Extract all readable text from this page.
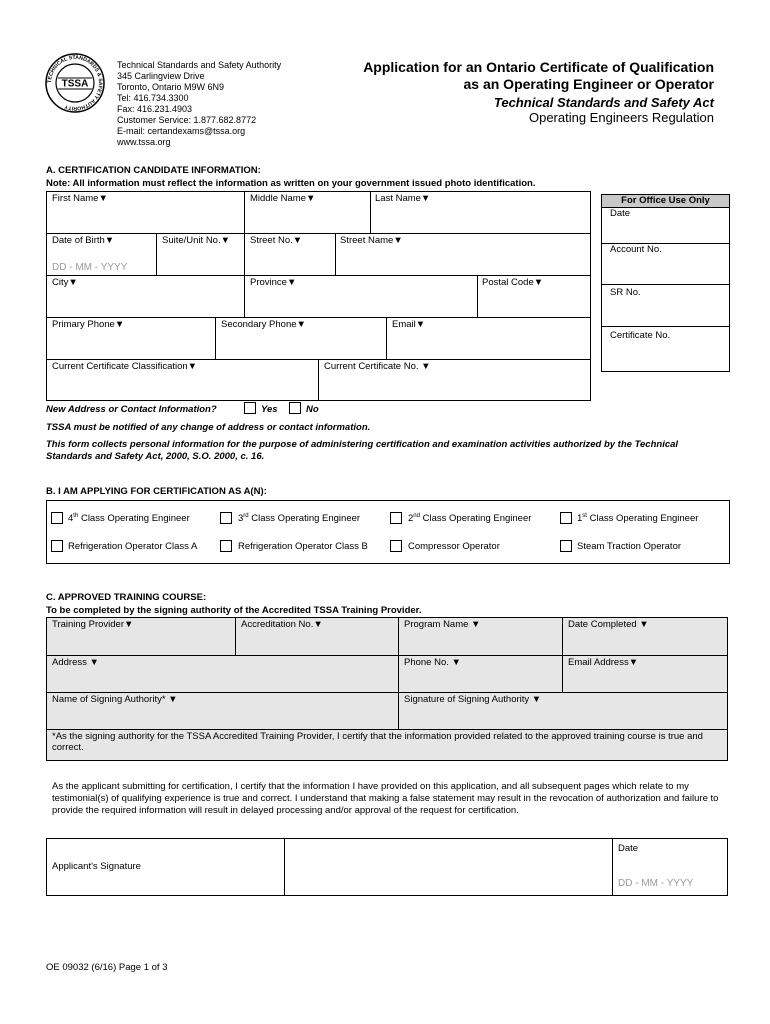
TECHNICAL STANDARDS & SAFETY AUTHORITY
TSSA
Technical Standards and Safety Authority
345 Carlingview Drive
Toronto, Ontario M9W 6N9
Tel: 416.734.3300
Fax: 416.231.4903
Customer Service: 1.877.682.8772
E-mail: certandexams@tssa.org
www.tssa.org
Application for an Ontario Certificate of Qualification
as an Operating Engineer or Operator
Technical Standards and Safety Act
Operating Engineers Regulation
A. CERTIFICATION CANDIDATE INFORMATION:
Note: All information must reflect the information as written on your government issued photo identification.
First Name▼	Middle Name▼	Last Name▼
Date of Birth▼	Suite/Unit No.▼ Street No.▼	Street Name▼
DD - MM - YYYY
City▼	Province▼	Postal Code▼
Primary Phone▼	Secondary Phone▼	Email▼
Current Certificate Classification▼	Current Certificate No. ▼
For Office Use Only
Date
Account No.
SR No.
Certificate No.
New Address or Contact Information?	Yes	No
TSSA must be notified of any change of address or contact information.
This form collects personal information for the purpose of administering certification and examination activities authorized by the Technical Standards and Safety Act, 2000, S.O. 2000, c. 16.
B. I AM APPLYING FOR CERTIFICATION AS A(N):
4th Class Operating Engineer	3rd Class Operating Engineer	2nd Class Operating Engineer	1st Class Operating Engineer
Refrigeration Operator Class A	Refrigeration Operator Class B	Compressor Operator	Steam Traction Operator
C. APPROVED TRAINING COURSE:
To be completed by the signing authority of the Accredited TSSA Training Provider.
Training Provider▼	Accreditation No.▼	Program Name ▼	Date Completed ▼
Address ▼	Phone No. ▼	Email Address▼
Name of Signing Authority* ▼	Signature of Signing Authority ▼
*As the signing authority for the TSSA Accredited Training Provider, I certify that the information provided related to the approved training course is true and correct.
As the applicant submitting for certification, I certify that the information I have provided on this application, and all subsequent pages which relate to my testimonial(s) of qualifying experience is true and correct. I understand that making a false statement may result in the revocation of authorization and failure to provide the required information will result in delayed processing and/or approval of the request for certification.
Applicant's Signature
Date
DD - MM - YYYY
OE 09032 (6/16) Page 1 of 3
